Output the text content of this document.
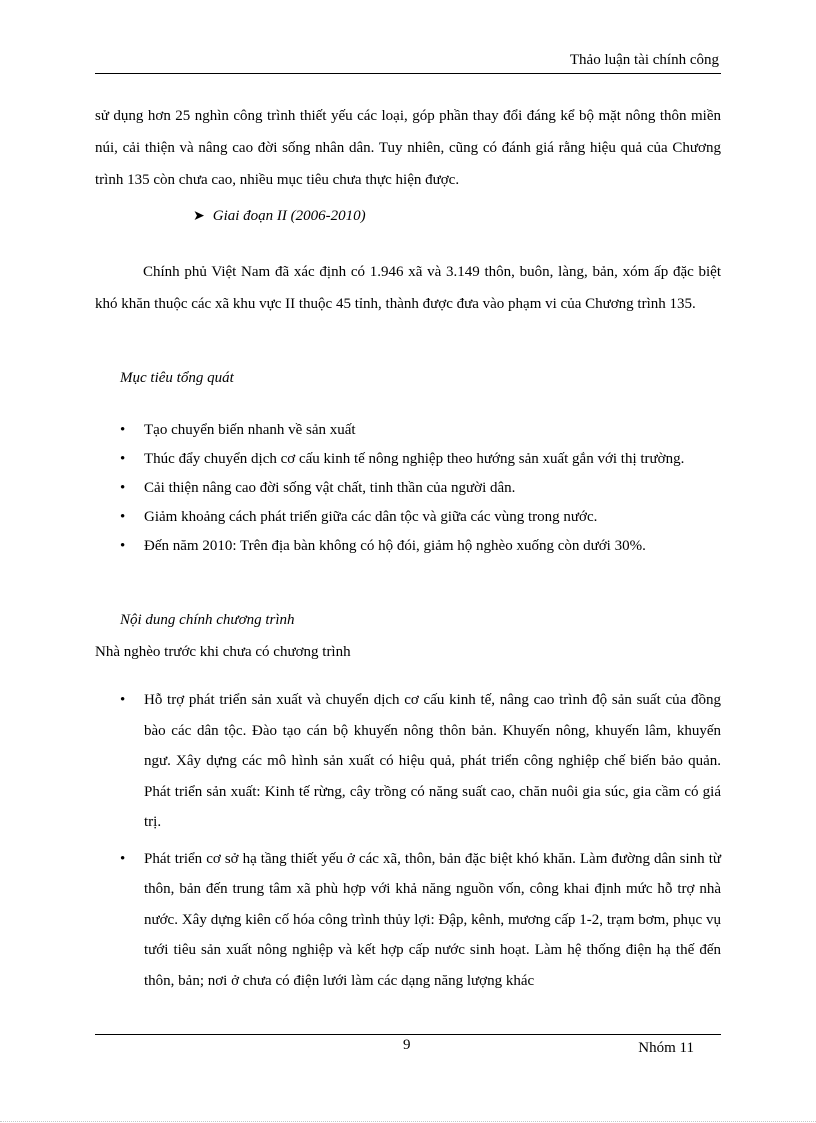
Thảo luận tài chính công
sử dụng hơn 25 nghìn công trình thiết yếu các loại, góp phần thay đổi đáng kể bộ mặt nông thôn miền núi, cải thiện và nâng cao đời sống nhân dân. Tuy nhiên, cũng có đánh giá rằng hiệu quả của Chương trình 135 còn chưa cao, nhiều mục tiêu chưa thực hiện được.
➤ Giai đoạn II (2006-2010)
Chính phủ Việt Nam đã xác định có 1.946 xã và 3.149 thôn, buôn, làng, bản, xóm ấp đặc biệt khó khăn thuộc các xã khu vực II thuộc 45 tỉnh, thành được đưa vào phạm vi của Chương trình 135.
Mục tiêu tổng quát
• Tạo chuyển biến nhanh về sản xuất
• Thúc đẩy chuyển dịch cơ cấu kinh tế nông nghiệp theo hướng sản xuất gắn với thị trường.
• Cải thiện nâng cao đời sống vật chất, tinh thần của người dân.
• Giảm khoảng cách phát triển giữa các dân tộc và giữa các vùng trong nước.
• Đến năm 2010: Trên địa bàn không có hộ đói, giảm hộ nghèo xuống còn dưới 30%.
Nội dung chính chương trình
Nhà nghèo trước khi chưa có chương trình
• Hỗ trợ phát triển sản xuất và chuyển dịch cơ cấu kinh tế, nâng cao trình độ sản suất của đồng bào các dân tộc. Đào tạo cán bộ khuyến nông thôn bản. Khuyến nông, khuyến lâm, khuyến ngư. Xây dựng các mô hình sản xuất có hiệu quả, phát triển công nghiệp chế biến bảo quản. Phát triển sản xuất: Kinh tế rừng, cây trồng có năng suất cao, chăn nuôi gia súc, gia cầm có giá trị.
• Phát triển cơ sở hạ tầng thiết yếu ở các xã, thôn, bản đặc biệt khó khăn. Làm đường dân sinh từ thôn, bản đến trung tâm xã phù hợp với khả năng nguồn vốn, công khai định mức hỗ trợ nhà nước. Xây dựng kiên cố hóa công trình thủy lợi: Đập, kênh, mương cấp 1-2, trạm bơm, phục vụ tưới tiêu sản xuất nông nghiệp và kết hợp cấp nước sinh hoạt. Làm hệ thống điện hạ thế đến thôn, bản; nơi ở chưa có điện lưới làm các dạng năng lượng khác
9	Nhóm 11
